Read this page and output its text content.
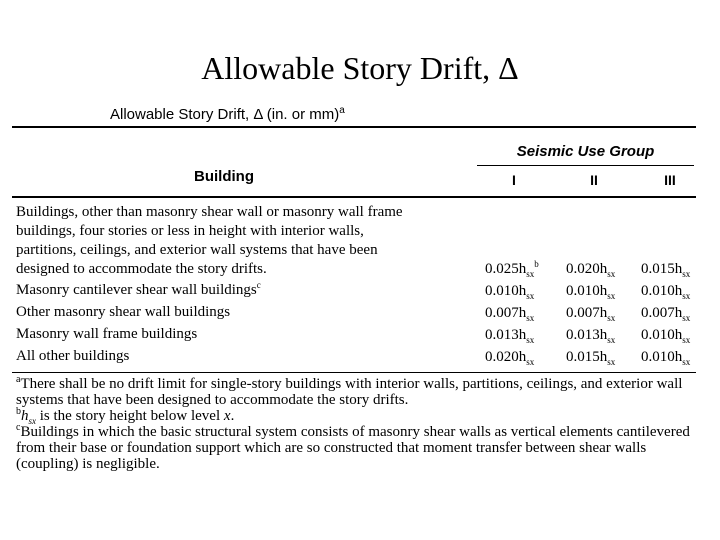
Allowable Story Drift, Δ
Allowable Story Drift, Δ (in. or mm)$^a$
Seismic Use Group
Building	I	II	III
Buildings, other than masonry shear wall or masonry wall frame buildings, four stories or less in height with interior walls, partitions, ceilings, and exterior wall systems that have been designed to accommodate the story drifts.	$0.025h_{sx}^b$ $0.020h_{sx}$ $0.015h_{sx}$
Masonry cantilever shear wall buildings$^c$	$0.010h_{sx}$ $0.010h_{sx}$ $0.010h_{sx}$
Other masonry shear wall buildings	$0.007h_{sx}$ $0.007h_{sx}$ $0.007h_{sx}$
Masonry wall frame buildings	$0.013h_{sx}$ $0.013h_{sx}$ $0.010h_{sx}$
All other buildings	$0.020h_{sx}$ $0.015h_{sx}$ $0.010h_{sx}$

$^a$There shall be no drift limit for single-story buildings with interior walls, partitions, ceilings, and exterior wall systems that have been designed to accommodate the story drifts.

$^bh_{sx}$ is the story height below level x.

$^c$Buildings in which the basic structural system consists of masonry shear walls as vertical elements cantilevered from their base or foundation support which are so constructed that moment transfer between shear walls (coupling) is negligible.
